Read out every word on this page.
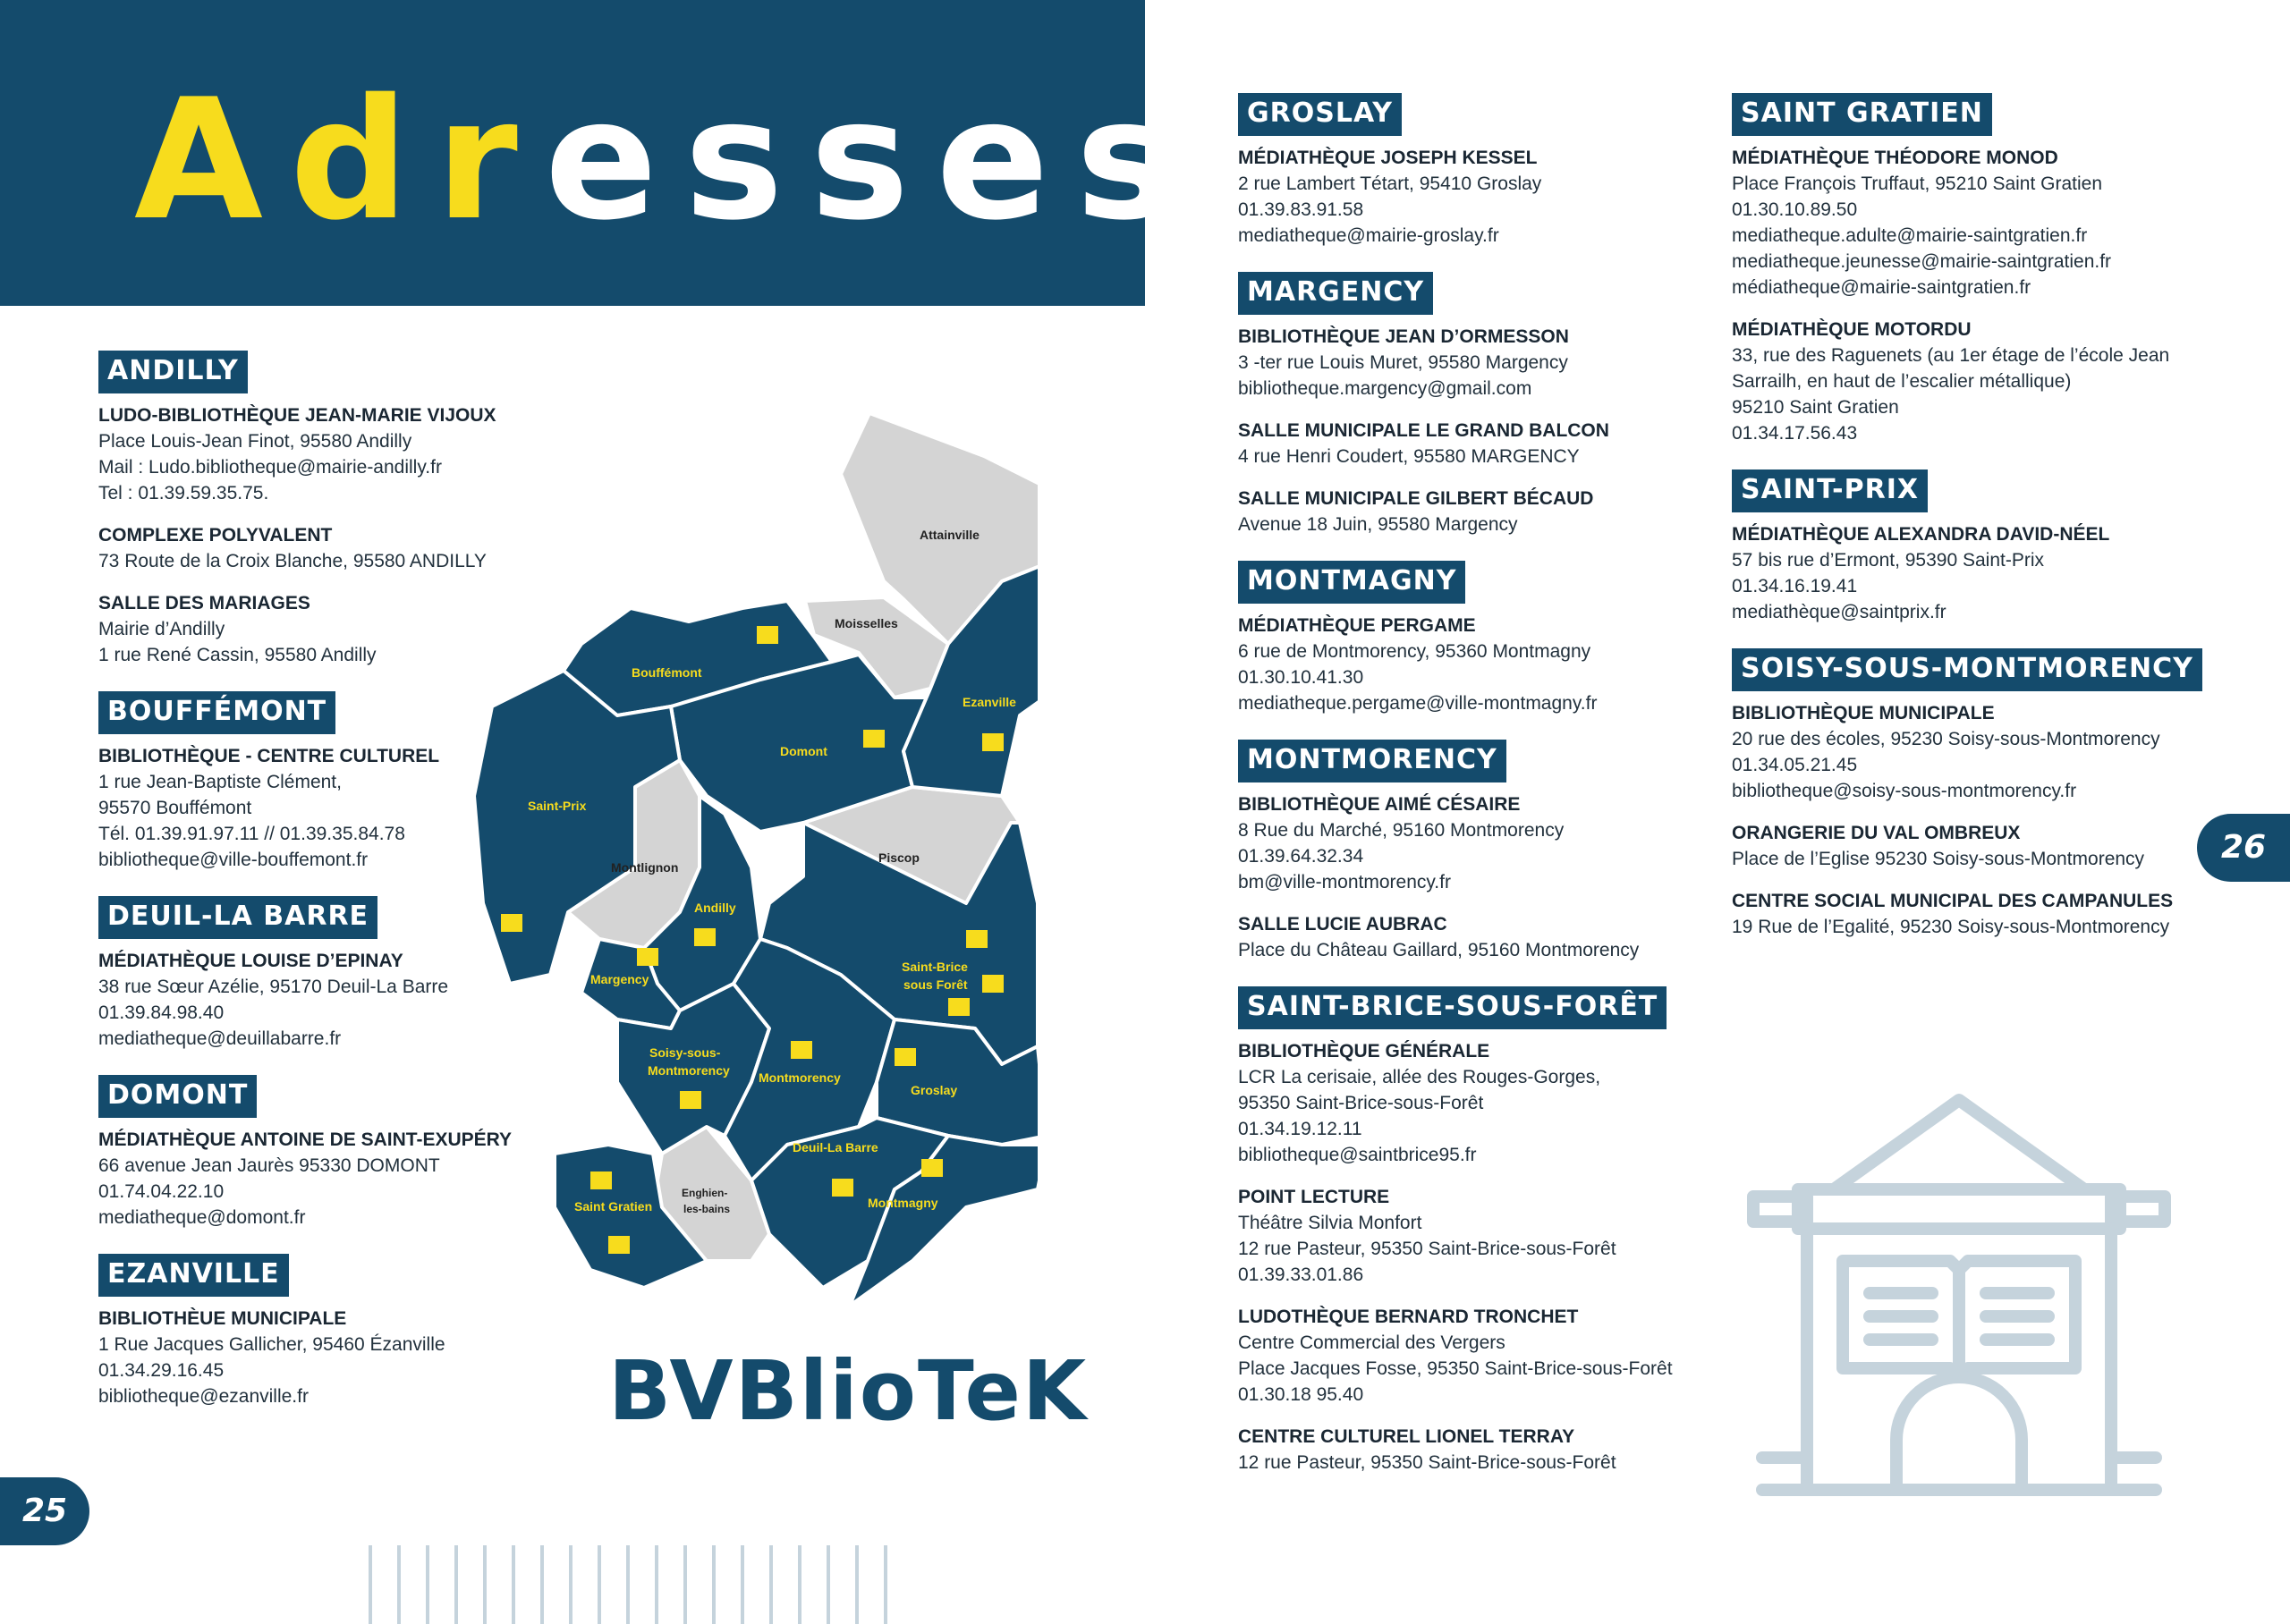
Adresses
ANDILLY
LUDO-BIBLIOTHÈQUE JEAN-MARIE VIJOUX
Place Louis-Jean Finot, 95580 Andilly
Mail : Ludo.bibliotheque@mairie-andilly.fr
Tel : 01.39.59.35.75.
COMPLEXE POLYVALENT
73 Route de la Croix Blanche, 95580 ANDILLY
SALLE DES MARIAGES
Mairie d’Andilly
1 rue René Cassin, 95580 Andilly
BOUFFÉMONT
BIBLIOTHÈQUE - CENTRE CULTUREL
1 rue Jean-Baptiste Clément,
95570 Bouffémont
Tél. 01.39.91.97.11 // 01.39.35.84.78
bibliotheque@ville-bouffemont.fr
DEUIL-LA BARRE
MÉDIATHÈQUE LOUISE D’EPINAY
38 rue Sœur Azélie, 95170 Deuil-La Barre
01.39.84.98.40
mediatheque@deuillabarre.fr
DOMONT
MÉDIATHÈQUE ANTOINE DE SAINT-EXUPÉRY
66 avenue Jean Jaurès 95330 DOMONT
01.74.04.22.10
mediatheque@domont.fr
EZANVILLE
BIBLIOTHÈUE MUNICIPALE
1 Rue Jacques Gallicher, 95460 Ézanville
01.34.29.16.45
bibliotheque@ezanville.fr
GROSLAY
MÉDIATHÈQUE JOSEPH KESSEL
2 rue Lambert Tétart, 95410 Groslay
01.39.83.91.58
mediatheque@mairie-groslay.fr
MARGENCY
BIBLIOTHÈQUE JEAN D’ORMESSON
3 -ter rue Louis Muret, 95580 Margency
bibliotheque.margency@gmail.com
SALLE MUNICIPALE LE GRAND BALCON
4 rue Henri Coudert, 95580 MARGENCY
SALLE MUNICIPALE GILBERT BÉCAUD
Avenue 18 Juin, 95580 Margency
MONTMAGNY
MÉDIATHÈQUE PERGAME
6 rue de Montmorency, 95360 Montmagny
01.30.10.41.30
mediatheque.pergame@ville-montmagny.fr
MONTMORENCY
BIBLIOTHÈQUE AIMÉ CÉSAIRE
8 Rue du Marché, 95160 Montmorency
01.39.64.32.34
bm@ville-montmorency.fr
SALLE LUCIE AUBRAC
Place du Château Gaillard, 95160 Montmorency
SAINT-BRICE-SOUS-FORÊT
BIBLIOTHÈQUE GÉNÉRALE
LCR La cerisaie, allée des Rouges-Gorges,
95350 Saint-Brice-sous-Forêt
01.34.19.12.11
bibliotheque@saintbrice95.fr
POINT LECTURE
Théâtre Silvia Monfort
12 rue Pasteur, 95350 Saint-Brice-sous-Forêt
01.39.33.01.86
LUDOTHÈQUE BERNARD TRONCHET
Centre Commercial des Vergers
Place Jacques Fosse, 95350 Saint-Brice-sous-Forêt
01.30.18 95.40
CENTRE CULTUREL LIONEL TERRAY
12 rue Pasteur, 95350 Saint-Brice-sous-Forêt
SAINT GRATIEN
MÉDIATHÈQUE THÉODORE MONOD
Place François Truffaut, 95210 Saint Gratien
01.30.10.89.50
mediatheque.adulte@mairie-saintgratien.fr
mediatheque.jeunesse@mairie-saintgratien.fr
médiatheque@mairie-saintgratien.fr
MÉDIATHÈQUE MOTORDU
33, rue des Raguenets (au 1er étage de l’école Jean
Sarrailh, en haut de l’escalier métallique)
95210 Saint Gratien
01.34.17.56.43
SAINT-PRIX
MÉDIATHÈQUE ALEXANDRA DAVID-NÉEL
57 bis rue d’Ermont, 95390 Saint-Prix
01.34.16.19.41
mediathèque@saintprix.fr
SOISY-SOUS-MONTMORENCY
BIBLIOTHÈQUE MUNICIPALE
20 rue des écoles, 95230 Soisy-sous-Montmorency
01.34.05.21.45
bibliotheque@soisy-sous-montmorency.fr
ORANGERIE DU VAL OMBREUX
Place de l’Eglise 95230 Soisy-sous-Montmorency
CENTRE SOCIAL MUNICIPAL DES CAMPANULES
19 Rue de l’Egalité, 95230 Soisy-sous-Montmorency
Attainville
Moisselles
Bouffémont
Domont
Ezanville
Saint-Prix
Montlignon
Piscop
Andilly
Margency
Saint-Brice
sous Forêt
Soisy-sous-
Montmorency Montmorency
Groslay
Deuil-La Barre
Saint Gratien
Enghien-
les-bains	Montmagny
BVBlioTeK
25
26
